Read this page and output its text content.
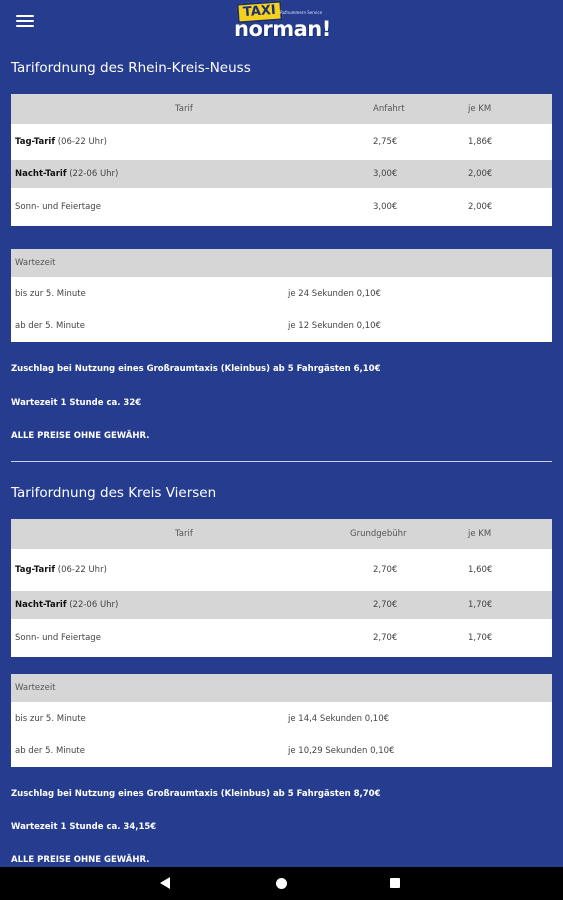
TAXI Rufnummern Service
norman!
Tarifordnung des Rhein-Kreis-Neuss
Tarif	Anfahrt	je KM
Tag-Tarif (06-22 Uhr)	2,75€	1,86€
Nacht-Tarif (22-06 Uhr)	3,00€	2,00€
Sonn- und Feiertage	3,00€	2,00€
Wartezeit
bis zur 5. Minute	je 24 Sekunden 0,10€
ab der 5. Minute	je 12 Sekunden 0,10€
Zuschlag bei Nutzung eines Großraumtaxis (Kleinbus) ab 5 Fahrgästen 6,10€
Wartezeit 1 Stunde ca. 32€
ALLE PREISE OHNE GEWÄHR.
Tarifordnung des Kreis Viersen
Tarif	Grundgebühr	je KM
Tag-Tarif (06-22 Uhr)	2,70€	1,60€
Nacht-Tarif (22-06 Uhr)	2,70€	1,70€
Sonn- und Feiertage	2,70€	1,70€
Wartezeit
bis zur 5. Minute	je 14,4 Sekunden 0,10€
ab der 5. Minute	je 10,29 Sekunden 0,10€
Zuschlag bei Nutzung eines Großraumtaxis (Kleinbus) ab 5 Fahrgästen 8,70€
Wartezeit 1 Stunde ca. 34,15€
ALLE PREISE OHNE GEWÄHR.
